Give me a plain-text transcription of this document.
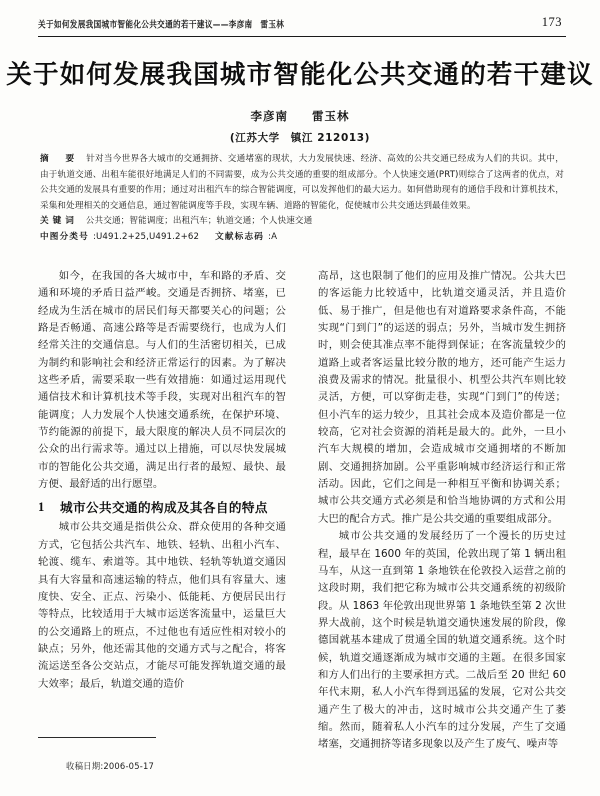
关于如何发展我国城市智能化公共交通的若干建议——李彦南　雷玉林	173
关于如何发展我国城市智能化公共交通的若干建议
李彦南 雷玉林
(江苏大学　镇江 212013)

摘　要 针对当今世界各大城市的交通拥挤、交通堵塞的现状，大力发展快速、经济、高效的公共交通已经成为人们的共识。其中，由于轨道交通、出租车能很好地满足人们的不同需要，成为公共交通的重要的组成部分。个人快速交通(PRT)则综合了这两者的优点，对公共交通的发展具有重要的作用；通过对出租汽车的综合智能调度，可以发挥他们的最大运力。如何借助现有的通信手段和计算机技术，采集和处理相关的交通信息，通过智能调度等手段，实现车辆、道路的智能化，促使城市公共交通达到最佳效果。

关键词 公共交通；智能调度；出租汽车；轨道交通；个人快速交通

中图分类号 :U491.2+25,U491.2+62 文献标志码 :A

如今，在我国的各大城市中，车和路的矛盾、交通和环境的矛盾日益严峻。交通是否拥挤、堵塞，已经成为生活在城市的居民们每天都要关心的问题；公路是否畅通、高速公路等是否需要绕行，也成为人们经常关注的交通信息。与人们的生活密切相关，已成为制约和影响社会和经济正常运行的因素。为了解决这些矛盾，需要采取一些有效措施：如通过运用现代通信技术和计算机技术等手段，实现对出租汽车的智能调度；人力发展个人快速交通系统，在保护环境、节约能源的前提下，最大限度的解决人员不同层次的公众的出行需求等。通过以上措施，可以尽快发展城市的智能化公共交通，满足出行者的最短、最快、最方便、最舒适的出行愿望。

1	城市公共交通的构成及其各自的特点

城市公共交通是指供公众、群众使用的各种交通方式，它包括公共汽车、地铁、轻轨、出租小汽车、轮渡、缆车、索道等。其中地铁、轻轨等轨道交通因具有大容量和高速运输的特点，他们具有容量大、速度快、安全、正点、污染小、低能耗、方便居民出行等特点，比较适用于大城市运送客流量中，运量巨大的公交通路上的班点，不过他也有适应性相对较小的缺点；另外，他还需其他的交通方式与之配合，将客流运送至各公交站点，才能尽可能发挥轨道交通的最大效率；最后，轨道交通的造价

高昂，这也限制了他们的应用及推广情况。公共大巴的客运能力比较适中，比轨道交通灵活，并且造价低、易于推广，但是他也有对道路要求条件高，不能实现“门到门”的运送的弱点；另外，当城市发生拥挤时，则会使其准点率不能得到保证；在客流量较少的道路上或者客运量比较分散的地方，还可能产生运力浪费及需求的情况。批量很小、机型公共汽车则比较灵活，方便，可以穿街走巷，实现“门到门”的传送；但小汽车的运力较少，且其社会成本及造价都是一位较高，它对社会资源的消耗是最大的。此外，一旦小汽车大规模的增加，会造成城市交通拥堵的不断加剧、交通拥挤加剧。公平重影响城市经济运行和正常活动。因此，它们之间是一种相互平衡和协调关系；城市公共交通方式必须是和恰当地协调的方式和公用大巴的配合方式。推广是公共交通的重要组成部分。

城市公共交通的发展经历了一个漫长的历史过程，最早在 1600 年的英国，伦敦出现了第 1 辆出租马车，从这一直到第 1 条地铁在伦敦投入运营之前的这段时期，我们把它称为城市公共交通系统的初级阶段。从 1863 年伦敦出现世界第 1 条地铁至第 2 次世界大战前，这个时候是轨道交通快速发展的阶段，像德国就基本建成了贯通全国的轨道交通系统。这个时候，轨道交通逐渐成为城市交通的主题。在很多国家和方人们出行的主要承担方式。二战后至 20 世纪 60 年代末期，私人小汽车得到迅猛的发展，它对公共交通产生了极大的冲击，这时城市公共交通产生了萎缩。然而，随着私人小汽车的过分发展，产生了交通堵塞，交通拥挤等诸多现象以及产生了废气、噪声等

收稿日期:2006-05-17
